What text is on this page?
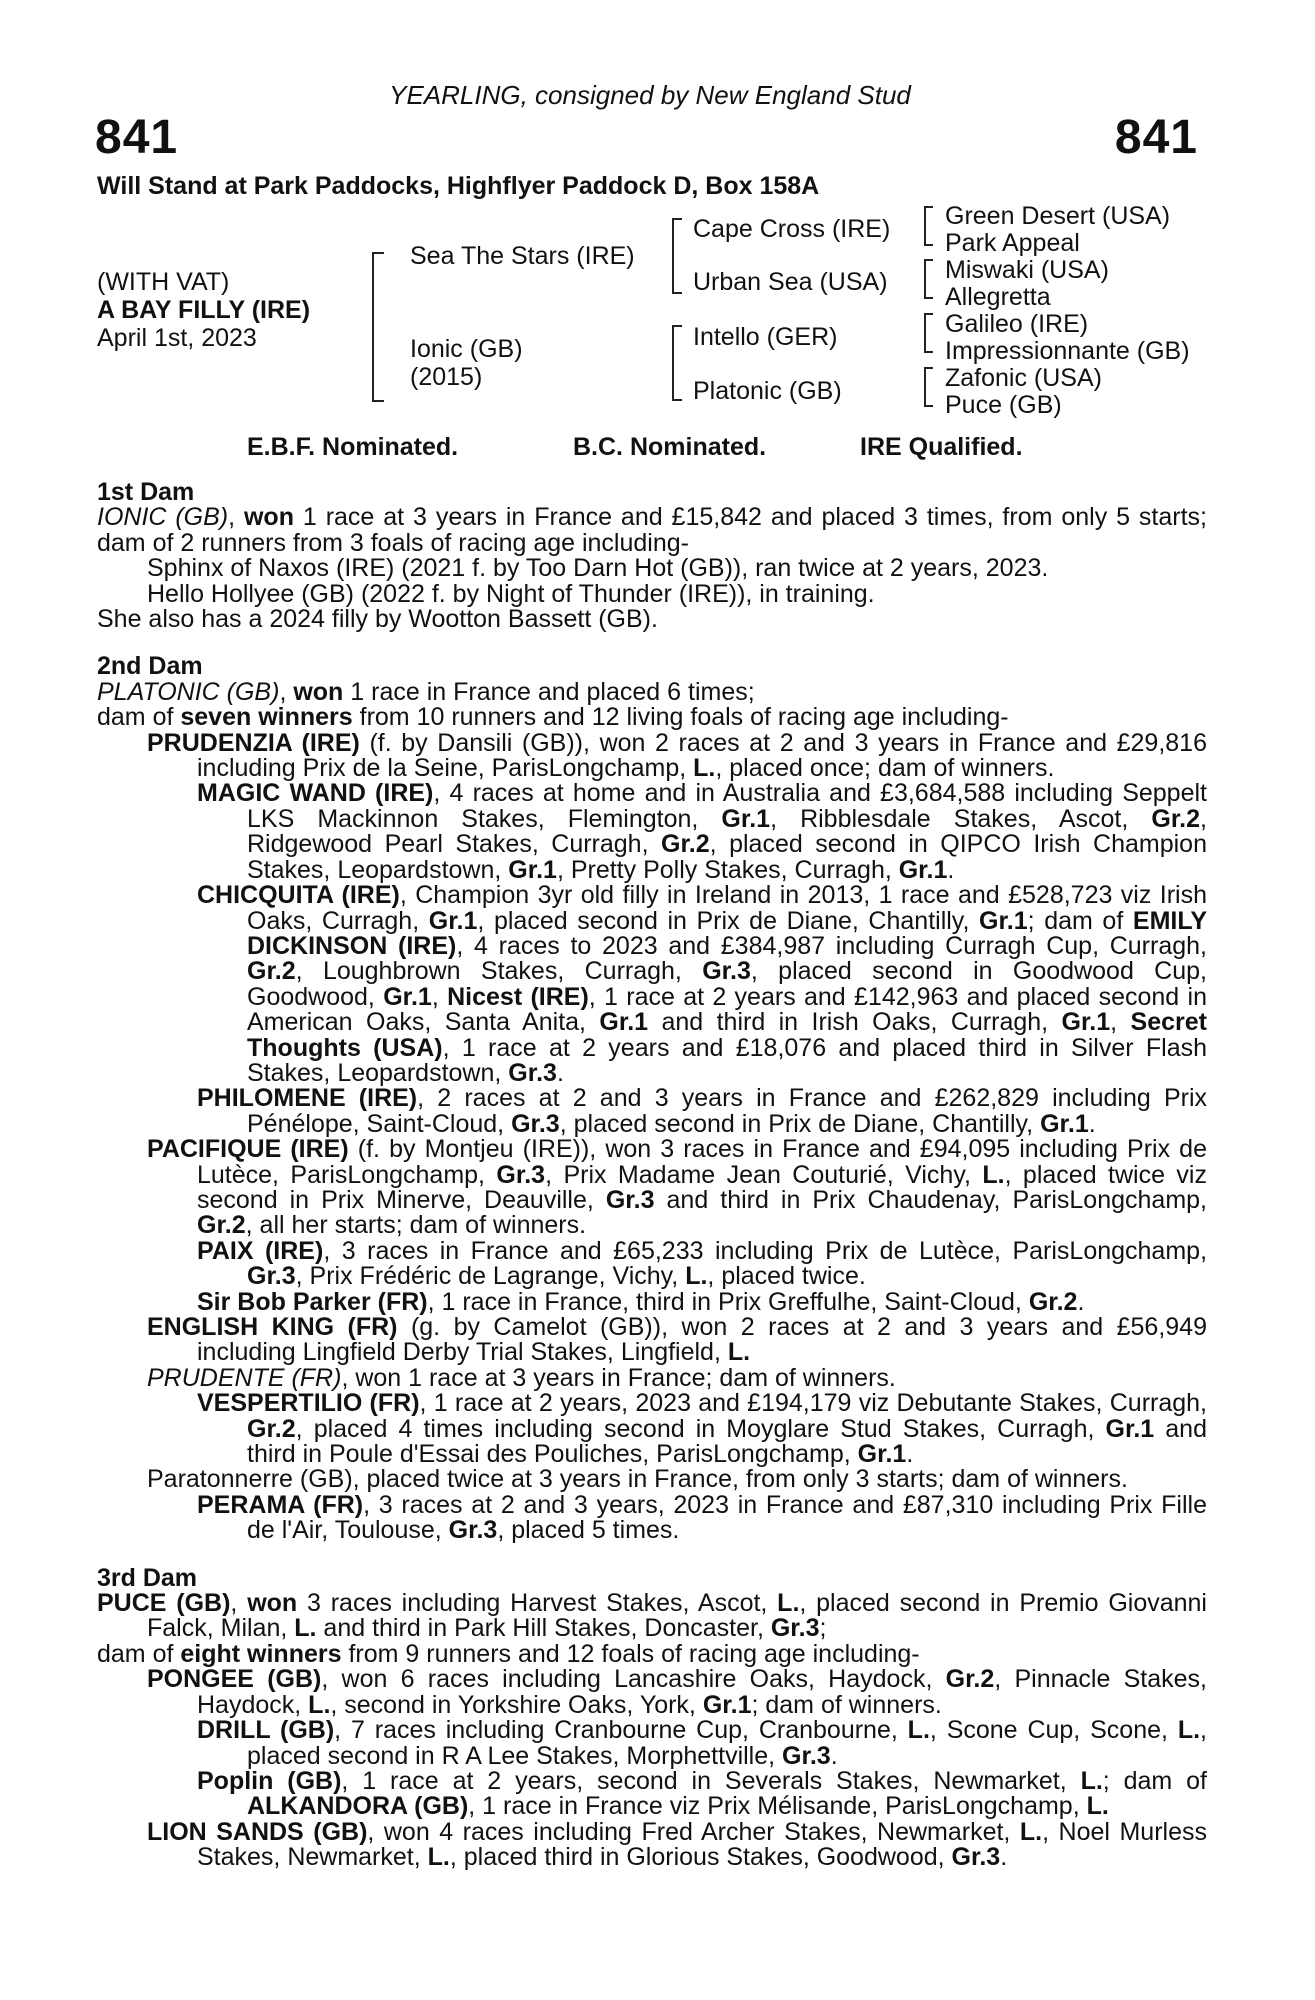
YEARLING, consigned by New England Stud
841	841
Will Stand at Park Paddocks, Highflyer Paddock D, Box 158A
(WITH VAT)
A BAY FILLY (IRE)
April 1st, 2023
Sea The Stars (IRE)
Ionic (GB)
(2015)
Cape Cross (IRE)
Urban Sea (USA)
Intello (GER)
Platonic (GB)
Green Desert (USA)
Park Appeal
Miswaki (USA)
Allegretta
Galileo (IRE)
Impressionnante (GB)
Zafonic (USA)
Puce (GB)
E.B.F. Nominated.	B.C. Nominated.	IRE Qualified.

1st Dam

IONIC (GB), won 1 race at 3 years in France and £15,842 and placed 3 times, from only 5 starts; dam of 2 runners from 3 foals of racing age including-

Sphinx of Naxos (IRE) (2021 f. by Too Darn Hot (GB)), ran twice at 2 years, 2023.

Hello Hollyee (GB) (2022 f. by Night of Thunder (IRE)), in training.

She also has a 2024 filly by Wootton Bassett (GB).

2nd Dam

PLATONIC (GB), won 1 race in France and placed 6 times;

dam of seven winners from 10 runners and 12 living foals of racing age including-

PRUDENZIA (IRE) (f. by Dansili (GB)), won 2 races at 2 and 3 years in France and £29,816 including Prix de la Seine, ParisLongchamp, L., placed once; dam of winners.

MAGIC WAND (IRE), 4 races at home and in Australia and £3,684,588 including Seppelt LKS Mackinnon Stakes, Flemington, Gr.1, Ribblesdale Stakes, Ascot, Gr.2, Ridgewood Pearl Stakes, Curragh, Gr.2, placed second in QIPCO Irish Champion Stakes, Leopardstown, Gr.1, Pretty Polly Stakes, Curragh, Gr.1.

CHICQUITA (IRE), Champion 3yr old filly in Ireland in 2013, 1 race and £528,723 viz Irish Oaks, Curragh, Gr.1, placed second in Prix de Diane, Chantilly, Gr.1; dam of EMILY DICKINSON (IRE), 4 races to 2023 and £384,987 including Curragh Cup, Curragh, Gr.2, Loughbrown Stakes, Curragh, Gr.3, placed second in Goodwood Cup, Goodwood, Gr.1, Nicest (IRE), 1 race at 2 years and £142,963 and placed second in American Oaks, Santa Anita, Gr.1 and third in Irish Oaks, Curragh, Gr.1, Secret Thoughts (USA), 1 race at 2 years and £18,076 and placed third in Silver Flash Stakes, Leopardstown, Gr.3.

PHILOMENE (IRE), 2 races at 2 and 3 years in France and £262,829 including Prix Pénélope, Saint-Cloud, Gr.3, placed second in Prix de Diane, Chantilly, Gr.1.

PACIFIQUE (IRE) (f. by Montjeu (IRE)), won 3 races in France and £94,095 including Prix de Lutèce, ParisLongchamp, Gr.3, Prix Madame Jean Couturié, Vichy, L., placed twice viz second in Prix Minerve, Deauville, Gr.3 and third in Prix Chaudenay, ParisLongchamp, Gr.2, all her starts; dam of winners.

PAIX (IRE), 3 races in France and £65,233 including Prix de Lutèce, ParisLongchamp, Gr.3, Prix Frédéric de Lagrange, Vichy, L., placed twice.

Sir Bob Parker (FR), 1 race in France, third in Prix Greffulhe, Saint-Cloud, Gr.2.

ENGLISH KING (FR) (g. by Camelot (GB)), won 2 races at 2 and 3 years and £56,949 including Lingfield Derby Trial Stakes, Lingfield, L.

PRUDENTE (FR), won 1 race at 3 years in France; dam of winners.

VESPERTILIO (FR), 1 race at 2 years, 2023 and £194,179 viz Debutante Stakes, Curragh, Gr.2, placed 4 times including second in Moyglare Stud Stakes, Curragh, Gr.1 and third in Poule d'Essai des Pouliches, ParisLongchamp, Gr.1.

Paratonnerre (GB), placed twice at 3 years in France, from only 3 starts; dam of winners.

PERAMA (FR), 3 races at 2 and 3 years, 2023 in France and £87,310 including Prix Fille de l'Air, Toulouse, Gr.3, placed 5 times.

3rd Dam

PUCE (GB), won 3 races including Harvest Stakes, Ascot, L., placed second in Premio Giovanni Falck, Milan, L. and third in Park Hill Stakes, Doncaster, Gr.3;

dam of eight winners from 9 runners and 12 foals of racing age including-

PONGEE (GB), won 6 races including Lancashire Oaks, Haydock, Gr.2, Pinnacle Stakes, Haydock, L., second in Yorkshire Oaks, York, Gr.1; dam of winners.

DRILL (GB), 7 races including Cranbourne Cup, Cranbourne, L., Scone Cup, Scone, L., placed second in R A Lee Stakes, Morphettville, Gr.3.

Poplin (GB), 1 race at 2 years, second in Severals Stakes, Newmarket, L.; dam of ALKANDORA (GB), 1 race in France viz Prix Mélisande, ParisLongchamp, L.

LION SANDS (GB), won 4 races including Fred Archer Stakes, Newmarket, L., Noel Murless Stakes, Newmarket, L., placed third in Glorious Stakes, Goodwood, Gr.3.
